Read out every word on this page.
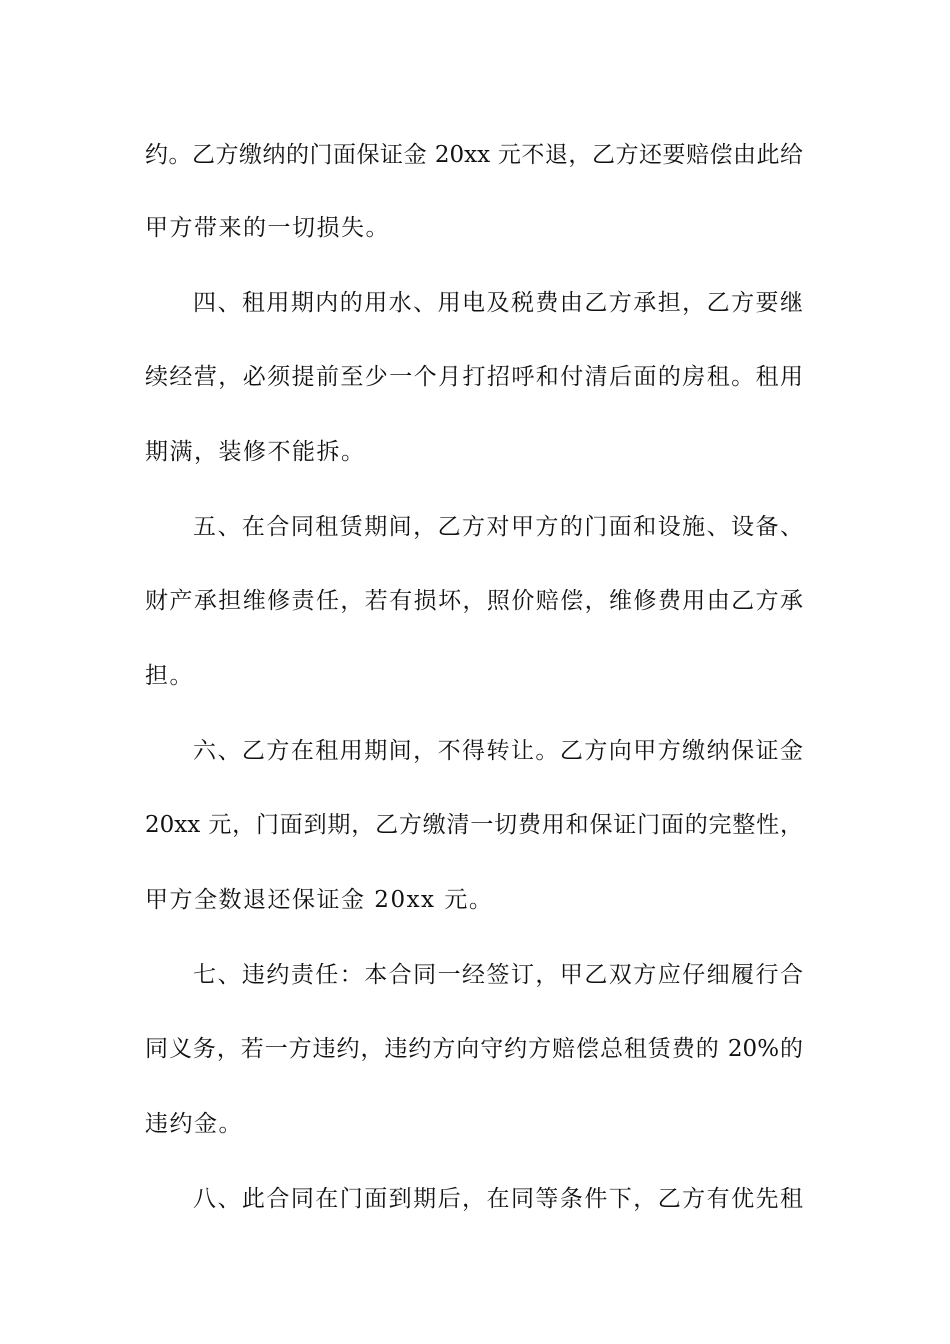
约。乙方缴纳的门面保证金 20xx 元不退，乙方还要赔偿由此给
甲方带来的一切损失。
四、租用期内的用水、用电及税费由乙方承担，乙方要继
续经营，必须提前至少一个月打招呼和付清后面的房租。租用
期满，装修不能拆。
五、在合同租赁期间，乙方对甲方的门面和设施、设备、
财产承担维修责任，若有损坏，照价赔偿，维修费用由乙方承
担。
六、乙方在租用期间，不得转让。乙方向甲方缴纳保证金
20xx 元，门面到期，乙方缴清一切费用和保证门面的完整性，
甲方全数退还保证金 20xx 元。
七、违约责任：本合同一经签订，甲乙双方应仔细履行合
同义务，若一方违约，违约方向守约方赔偿总租赁费的 20%的
违约金。
八、此合同在门面到期后，在同等条件下，乙方有优先租
